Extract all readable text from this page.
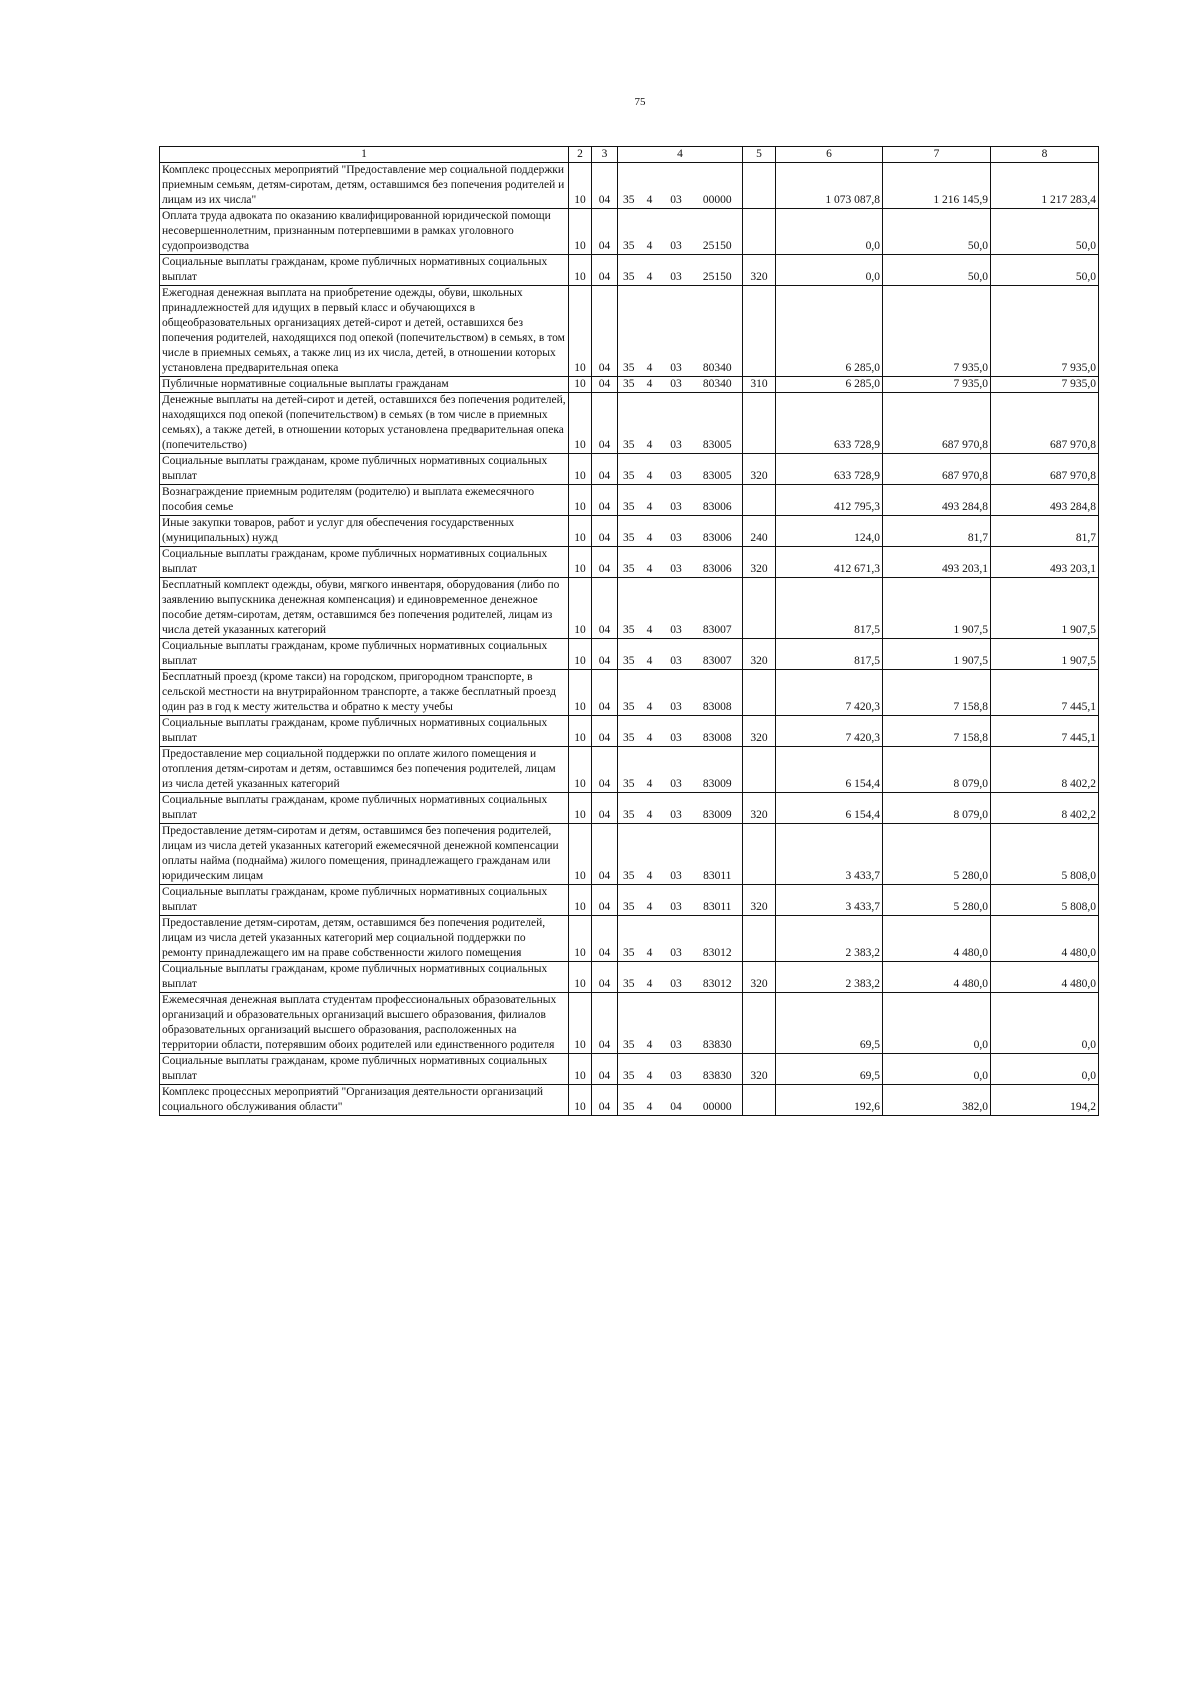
75
1	2	3	4				5	6	7	8
Комплекс процессных мероприятий "Предоставление мер социальной поддержки приемным семьям, детям-сиротам, детям, оставшимся без попечения родителей и лицам из их числа"	10	04	35	4	03	00000		1 073 087,8	1 216 145,9	1 217 283,4
Оплата труда адвоката по оказанию квалифицированной юридической помощи несовершеннолетним, признанным потерпевшими в рамках уголовного судопроизводства	10	04	35	4	03	25150		0,0	50,0	50,0
Социальные выплаты гражданам, кроме публичных нормативных социальных выплат	10	04	35	4	03	25150	320	0,0	50,0	50,0
Ежегодная денежная выплата на приобретение одежды, обуви, школьных принадлежностей для идущих в первый класс и обучающихся в общеобразовательных организациях детей-сирот и детей, оставшихся без попечения родителей, находящихся под опекой (попечительством) в семьях, в том числе в приемных семьях, а также лиц из их числа, детей, в отношении которых установлена предварительная опека	10	04	35	4	03	80340		6 285,0	7 935,0	7 935,0
Публичные нормативные социальные выплаты гражданам	10	04	35	4	03	80340	310	6 285,0	7 935,0	7 935,0
Денежные выплаты на детей-сирот и детей, оставшихся без попечения родителей, находящихся под опекой (попечительством) в семьях (в том числе в приемных семьях), а также детей, в отношении которых установлена предварительная опека (попечительство)	10	04	35	4	03	83005		633 728,9	687 970,8	687 970,8
Социальные выплаты гражданам, кроме публичных нормативных социальных выплат	10	04	35	4	03	83005	320	633 728,9	687 970,8	687 970,8
Вознаграждение приемным родителям (родителю) и выплата ежемесячного пособия семье	10	04	35	4	03	83006		412 795,3	493 284,8	493 284,8
Иные закупки товаров, работ и услуг для обеспечения государственных (муниципальных) нужд	10	04	35	4	03	83006	240	124,0	81,7	81,7
Социальные выплаты гражданам, кроме публичных нормативных социальных выплат	10	04	35	4	03	83006	320	412 671,3	493 203,1	493 203,1
Бесплатный комплект одежды, обуви, мягкого инвентаря, оборудования (либо по заявлению выпускника денежная компенсация) и единовременное денежное пособие детям-сиротам, детям, оставшимся без попечения родителей, лицам из числа детей указанных категорий	10	04	35	4	03	83007		817,5	1 907,5	1 907,5
Социальные выплаты гражданам, кроме публичных нормативных социальных выплат	10	04	35	4	03	83007	320	817,5	1 907,5	1 907,5
Бесплатный проезд (кроме такси) на городском, пригородном транспорте, в сельской местности на внутрирайонном транспорте, а также бесплатный проезд один раз в год к месту жительства и обратно к месту учебы	10	04	35	4	03	83008		7 420,3	7 158,8	7 445,1
Социальные выплаты гражданам, кроме публичных нормативных социальных выплат	10	04	35	4	03	83008	320	7 420,3	7 158,8	7 445,1
Предоставление мер социальной поддержки по оплате жилого помещения и отопления детям-сиротам и детям, оставшимся без попечения родителей, лицам из числа детей указанных категорий	10	04	35	4	03	83009		6 154,4	8 079,0	8 402,2
Социальные выплаты гражданам, кроме публичных нормативных социальных выплат	10	04	35	4	03	83009	320	6 154,4	8 079,0	8 402,2
Предоставление детям-сиротам и детям, оставшимся без попечения родителей, лицам из числа детей указанных категорий ежемесячной денежной компенсации оплаты найма (поднайма) жилого помещения, принадлежащего гражданам или юридическим лицам	10	04	35	4	03	83011		3 433,7	5 280,0	5 808,0
Социальные выплаты гражданам, кроме публичных нормативных социальных выплат	10	04	35	4	03	83011	320	3 433,7	5 280,0	5 808,0
Предоставление детям-сиротам, детям, оставшимся без попечения родителей, лицам из числа детей указанных категорий мер социальной поддержки по ремонту принадлежащего им на праве собственности жилого помещения	10	04	35	4	03	83012		2 383,2	4 480,0	4 480,0
Социальные выплаты гражданам, кроме публичных нормативных социальных выплат	10	04	35	4	03	83012	320	2 383,2	4 480,0	4 480,0
Ежемесячная денежная выплата студентам профессиональных образовательных организаций и образовательных организаций высшего образования, филиалов образовательных организаций высшего образования, расположенных на территории области, потерявшим обоих родителей или единственного родителя	10	04	35	4	03	83830		69,5	0,0	0,0
Социальные выплаты гражданам, кроме публичных нормативных социальных выплат	10	04	35	4	03	83830	320	69,5	0,0	0,0
Комплекс процессных мероприятий "Организация деятельности организаций социального обслуживания области"	10	04	35	4	04	00000		192,6	382,0	194,2
